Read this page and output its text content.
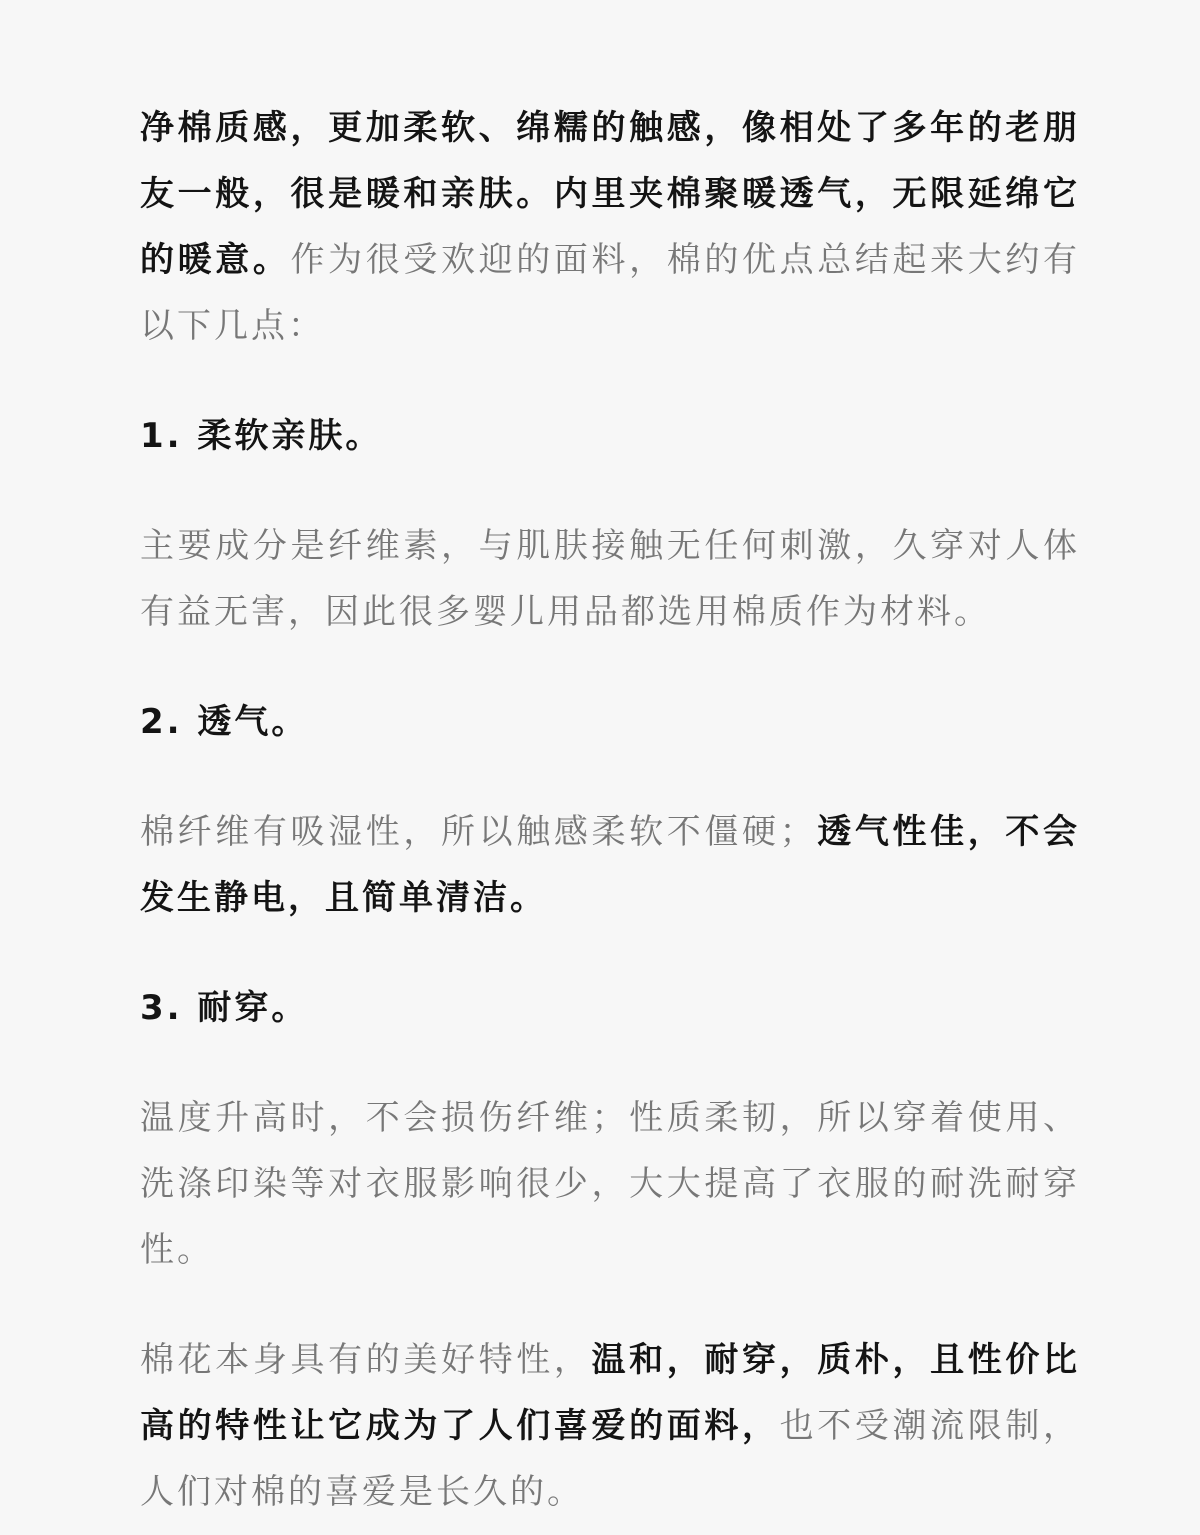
净棉质感，更加柔软、绵糯的触感，像相处了多年的老朋友一般，很是暖和亲肤。内里夹棉聚暖透气，无限延绵它的暖意。作为很受欢迎的面料，棉的优点总结起来大约有以下几点：

1. 柔软亲肤。

主要成分是纤维素，与肌肤接触无任何刺激，久穿对人体有益无害，因此很多婴儿用品都选用棉质作为材料。

2. 透气。

棉纤维有吸湿性，所以触感柔软不僵硬；透气性佳，不会发生静电，且简单清洁。

3. 耐穿。

温度升高时，不会损伤纤维；性质柔韧，所以穿着使用、洗涤印染等对衣服影响很少，大大提高了衣服的耐洗耐穿性。

棉花本身具有的美好特性，温和，耐穿，质朴，且性价比高的特性让它成为了人们喜爱的面料，也不受潮流限制，人们对棉的喜爱是长久的。
